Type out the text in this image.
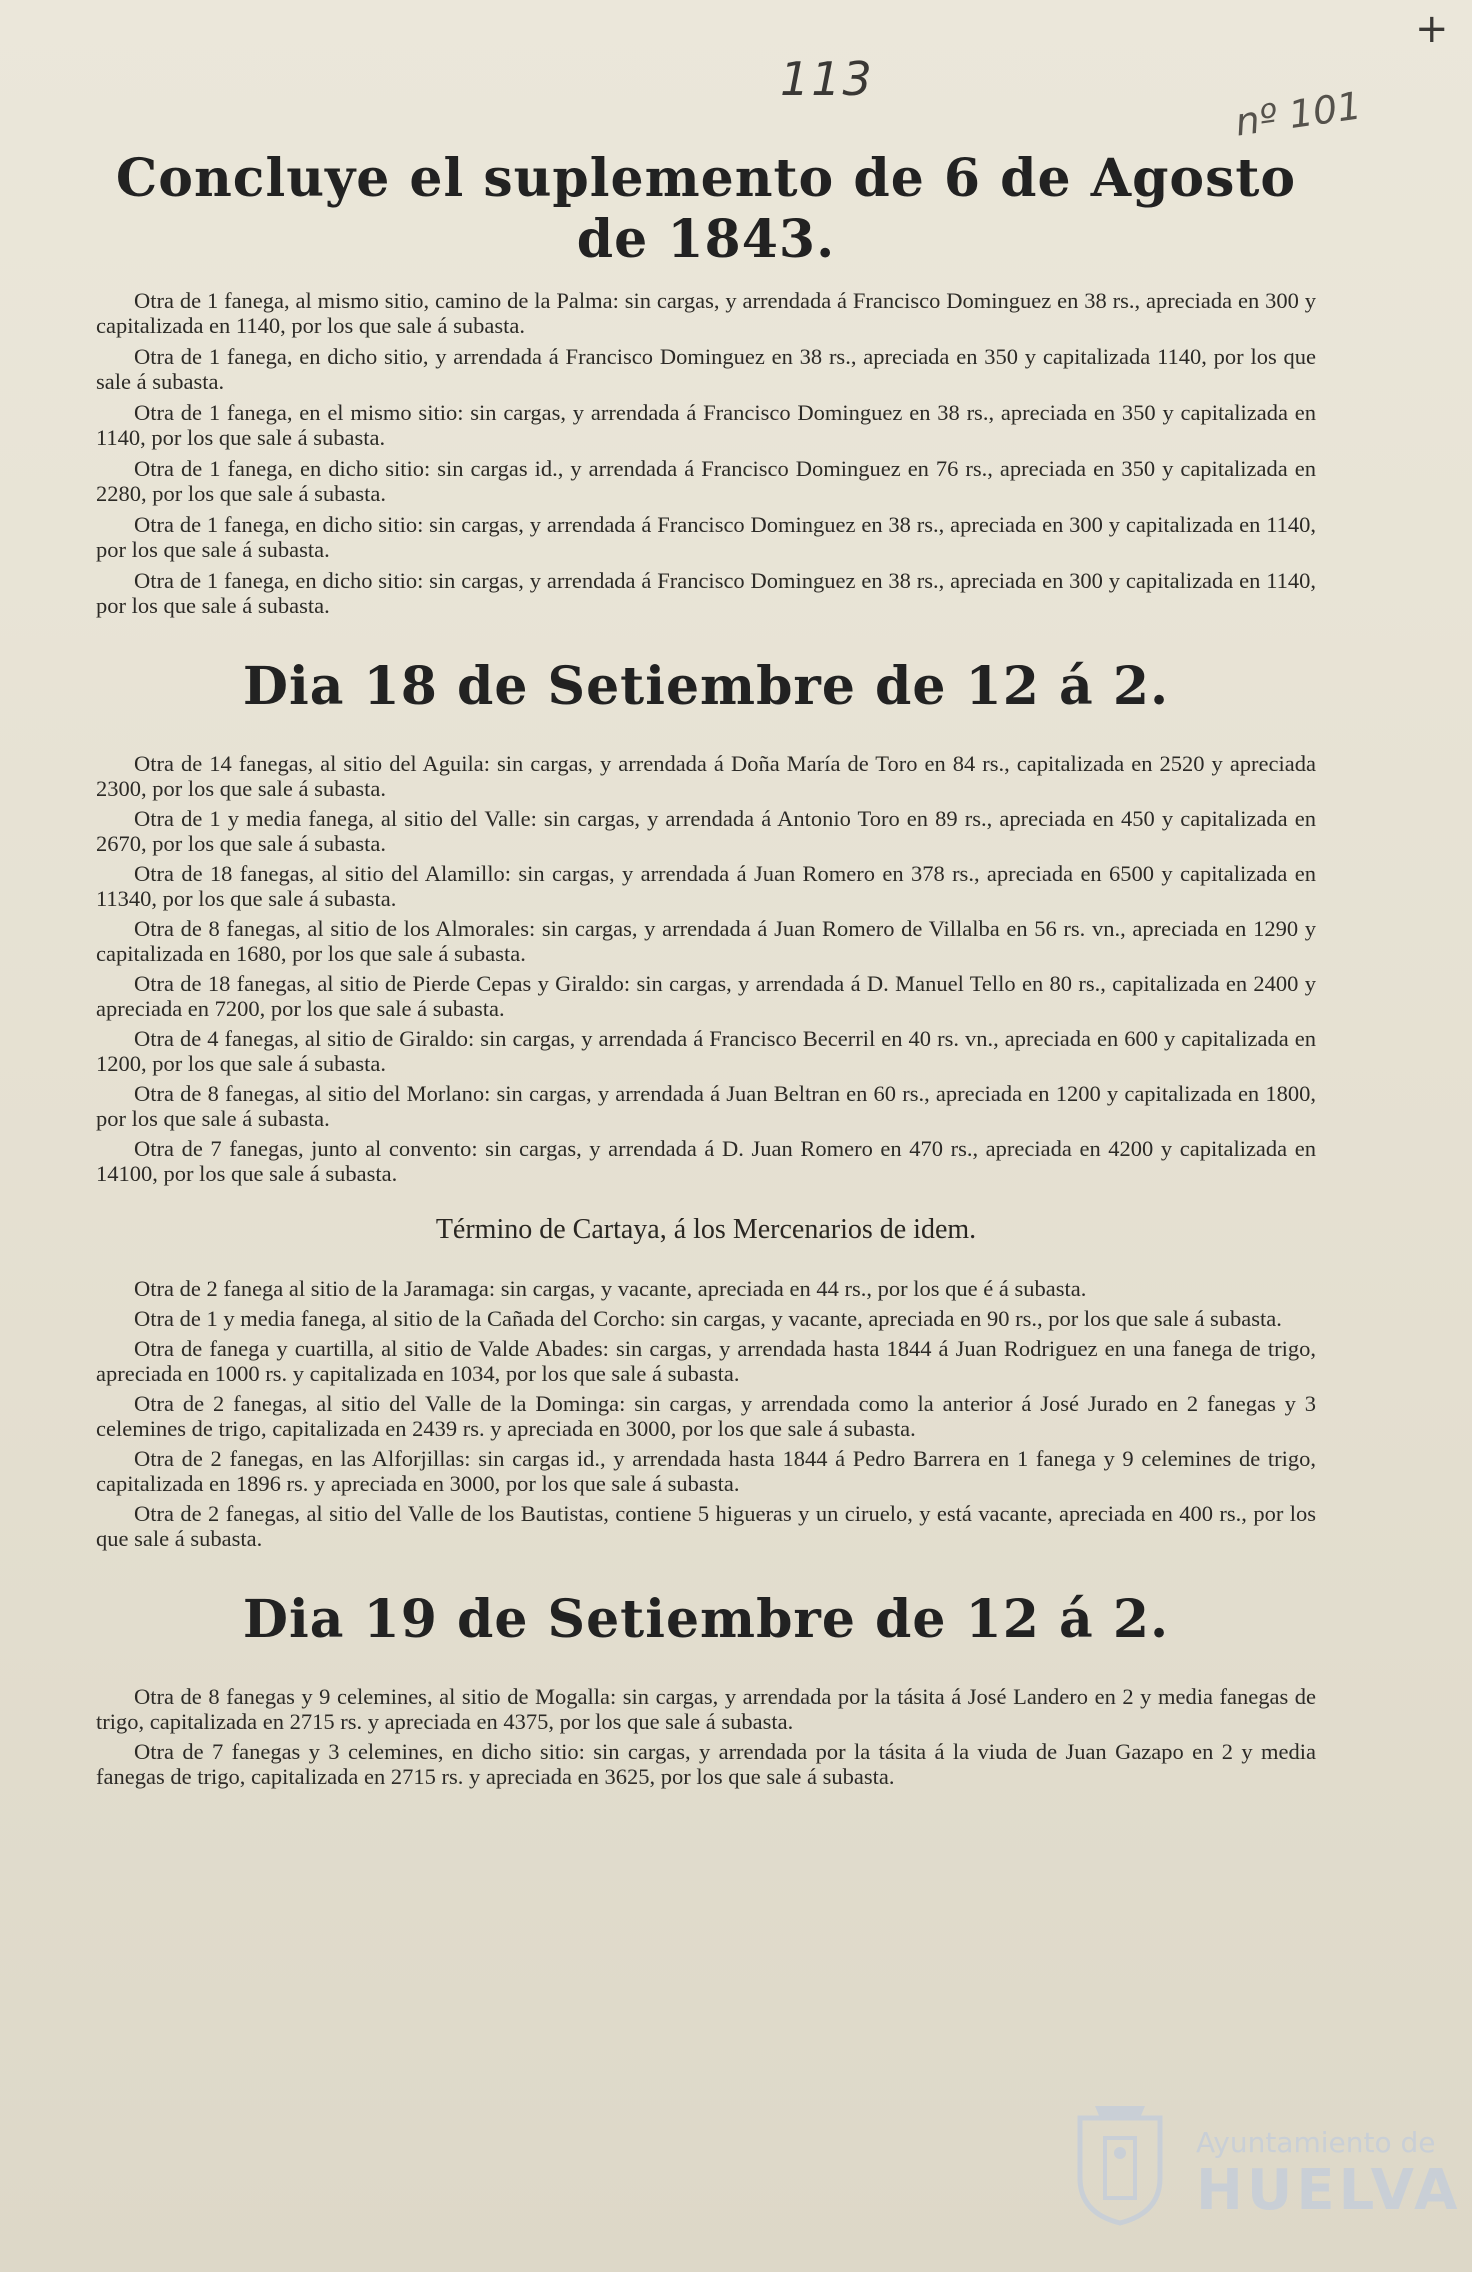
+
113
nº 101
Concluye el suplemento de 6 de Agosto de 1843.

Otra de 1 fanega, al mismo sitio, camino de la Palma: sin cargas, y arrendada á Francisco Dominguez en 38 rs., apreciada en 300 y capitalizada en 1140, por los que sale á subasta.

Otra de 1 fanega, en dicho sitio, y arrendada á Francisco Dominguez en 38 rs., apreciada en 350 y capitalizada 1140, por los que sale á subasta.

Otra de 1 fanega, en el mismo sitio: sin cargas, y arrendada á Francisco Dominguez en 38 rs., apreciada en 350 y capitalizada en 1140, por los que sale á subasta.

Otra de 1 fanega, en dicho sitio: sin cargas id., y arrendada á Francisco Dominguez en 76 rs., apreciada en 350 y capitalizada en 2280, por los que sale á subasta.

Otra de 1 fanega, en dicho sitio: sin cargas, y arrendada á Francisco Dominguez en 38 rs., apreciada en 300 y capitalizada en 1140, por los que sale á subasta.

Otra de 1 fanega, en dicho sitio: sin cargas, y arrendada á Francisco Dominguez en 38 rs., apreciada en 300 y capitalizada en 1140, por los que sale á subasta.

Dia 18 de Setiembre de 12 á 2.

Otra de 14 fanegas, al sitio del Aguila: sin cargas, y arrendada á Doña María de Toro en 84 rs., capitalizada en 2520 y apreciada 2300, por los que sale á subasta.

Otra de 1 y media fanega, al sitio del Valle: sin cargas, y arrendada á Antonio Toro en 89 rs., apreciada en 450 y capitalizada en 2670, por los que sale á subasta.

Otra de 18 fanegas, al sitio del Alamillo: sin cargas, y arrendada á Juan Romero en 378 rs., apreciada en 6500 y capitalizada en 11340, por los que sale á subasta.

Otra de 8 fanegas, al sitio de los Almorales: sin cargas, y arrendada á Juan Romero de Villalba en 56 rs. vn., apreciada en 1290 y capitalizada en 1680, por los que sale á subasta.

Otra de 18 fanegas, al sitio de Pierde Cepas y Giraldo: sin cargas, y arrendada á D. Manuel Tello en 80 rs., capitalizada en 2400 y apreciada en 7200, por los que sale á subasta.

Otra de 4 fanegas, al sitio de Giraldo: sin cargas, y arrendada á Francisco Becerril en 40 rs. vn., apreciada en 600 y capitalizada en 1200, por los que sale á subasta.

Otra de 8 fanegas, al sitio del Morlano: sin cargas, y arrendada á Juan Beltran en 60 rs., apreciada en 1200 y capitalizada en 1800, por los que sale á subasta.

Otra de 7 fanegas, junto al convento: sin cargas, y arrendada á D. Juan Romero en 470 rs., apreciada en 4200 y capitalizada en 14100, por los que sale á subasta.

Término de Cartaya, á los Mercenarios de idem.

Otra de 2 fanega al sitio de la Jaramaga: sin cargas, y vacante, apreciada en 44 rs., por los que é á subasta.

Otra de 1 y media fanega, al sitio de la Cañada del Corcho: sin cargas, y vacante, apreciada en 90 rs., por los que sale á subasta.

Otra de fanega y cuartilla, al sitio de Valde Abades: sin cargas, y arrendada hasta 1844 á Juan Rodriguez en una fanega de trigo, apreciada en 1000 rs. y capitalizada en 1034, por los que sale á subasta.

Otra de 2 fanegas, al sitio del Valle de la Dominga: sin cargas, y arrendada como la anterior á José Jurado en 2 fanegas y 3 celemines de trigo, capitalizada en 2439 rs. y apreciada en 3000, por los que sale á subasta.

Otra de 2 fanegas, en las Alforjillas: sin cargas id., y arrendada hasta 1844 á Pedro Barrera en 1 fanega y 9 celemines de trigo, capitalizada en 1896 rs. y apreciada en 3000, por los que sale á subasta.

Otra de 2 fanegas, al sitio del Valle de los Bautistas, contiene 5 higueras y un ciruelo, y está vacante, apreciada en 400 rs., por los que sale á subasta.

Dia 19 de Setiembre de 12 á 2.

Otra de 8 fanegas y 9 celemines, al sitio de Mogalla: sin cargas, y arrendada por la tásita á José Landero en 2 y media fanegas de trigo, capitalizada en 2715 rs. y apreciada en 4375, por los que sale á subasta.

Otra de 7 fanegas y 3 celemines, en dicho sitio: sin cargas, y arrendada por la tásita á la viuda de Juan Gazapo en 2 y media fanegas de trigo, capitalizada en 2715 rs. y apreciada en 3625, por los que sale á subasta.

Ayuntamiento de
HUELVA
